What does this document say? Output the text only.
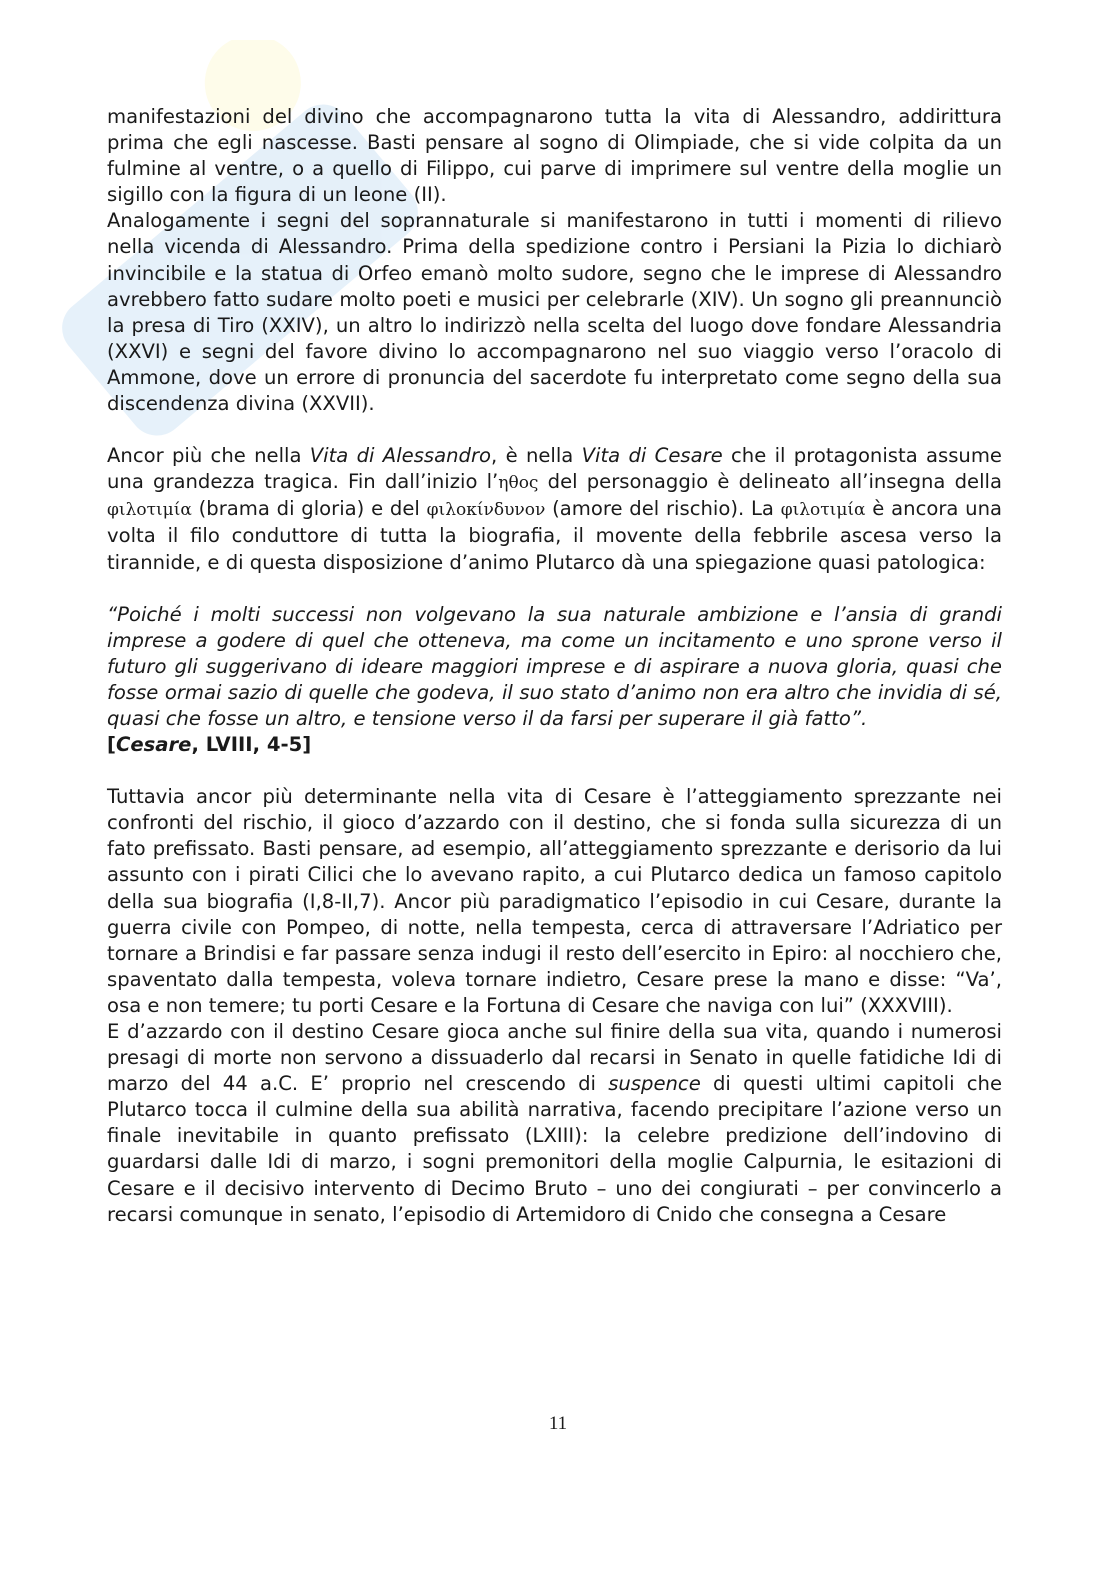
manifestazioni del divino che accompagnarono tutta la vita di Alessandro, addirittura prima che egli nascesse. Basti pensare al sogno di Olimpiade, che si vide colpita da un fulmine al ventre, o a quello di Filippo, cui parve di imprimere sul ventre della moglie un sigillo con la figura di un leone (II).

Analogamente i segni del soprannaturale si manifestarono in tutti i momenti di rilievo nella vicenda di Alessandro. Prima della spedizione contro i Persiani la Pizia lo dichiarò invincibile e la statua di Orfeo emanò molto sudore, segno che le imprese di Alessandro avrebbero fatto sudare molto poeti e musici per celebrarle (XIV). Un sogno gli preannunciò la presa di Tiro (XXIV), un altro lo indirizzò nella scelta del luogo dove fondare Alessandria (XXVI) e segni del favore divino lo accompagnarono nel suo viaggio verso l’oracolo di Ammone, dove un errore di pronuncia del sacerdote fu interpretato come segno della sua discendenza divina (XXVII).

Ancor più che nella Vita di Alessandro, è nella Vita di Cesare che il protagonista assume una grandezza tragica. Fin dall’inizio l’ηθος del personaggio è delineato all’insegna della φιλοτιμία (brama di gloria) e del φιλοκίνδυνον (amore del rischio). La φιλοτιμία è ancora una volta il filo conduttore di tutta la biografia, il movente della febbrile ascesa verso la tirannide, e di questa disposizione d’animo Plutarco dà una spiegazione quasi patologica:

“Poiché i molti successi non volgevano la sua naturale ambizione e l’ansia di grandi imprese a godere di quel che otteneva, ma come un incitamento e uno sprone verso il futuro gli suggerivano di ideare maggiori imprese e di aspirare a nuova gloria, quasi che fosse ormai sazio di quelle che godeva, il suo stato d’animo non era altro che invidia di sé, quasi che fosse un altro, e tensione verso il da farsi per superare il già fatto”.

[Cesare, LVIII, 4-5]

Tuttavia ancor più determinante nella vita di Cesare è l’atteggiamento sprezzante nei confronti del rischio, il gioco d’azzardo con il destino, che si fonda sulla sicurezza di un fato prefissato. Basti pensare, ad esempio, all’atteggiamento sprezzante e derisorio da lui assunto con i pirati Cilici che lo avevano rapito, a cui Plutarco dedica un famoso capitolo della sua biografia (I,8-II,7). Ancor più paradigmatico l’episodio in cui Cesare, durante la guerra civile con Pompeo, di notte, nella tempesta, cerca di attraversare l’Adriatico per tornare a Brindisi e far passare senza indugi il resto dell’esercito in Epiro: al nocchiero che, spaventato dalla tempesta, voleva tornare indietro, Cesare prese la mano e disse: “Va’, osa e non temere; tu porti Cesare e la Fortuna di Cesare che naviga con lui” (XXXVIII).

E d’azzardo con il destino Cesare gioca anche sul finire della sua vita, quando i numerosi presagi di morte non servono a dissuaderlo dal recarsi in Senato in quelle fatidiche Idi di marzo del 44 a.C. E’ proprio nel crescendo di suspence di questi ultimi capitoli che Plutarco tocca il culmine della sua abilità narrativa, facendo precipitare l’azione verso un finale inevitabile in quanto prefissato (LXIII): la celebre predizione dell’indovino di guardarsi dalle Idi di marzo, i sogni premonitori della moglie Calpurnia, le esitazioni di Cesare e il decisivo intervento di Decimo Bruto – uno dei congiurati – per convincerlo a recarsi comunque in senato, l’episodio di Artemidoro di Cnido che consegna a Cesare

11
